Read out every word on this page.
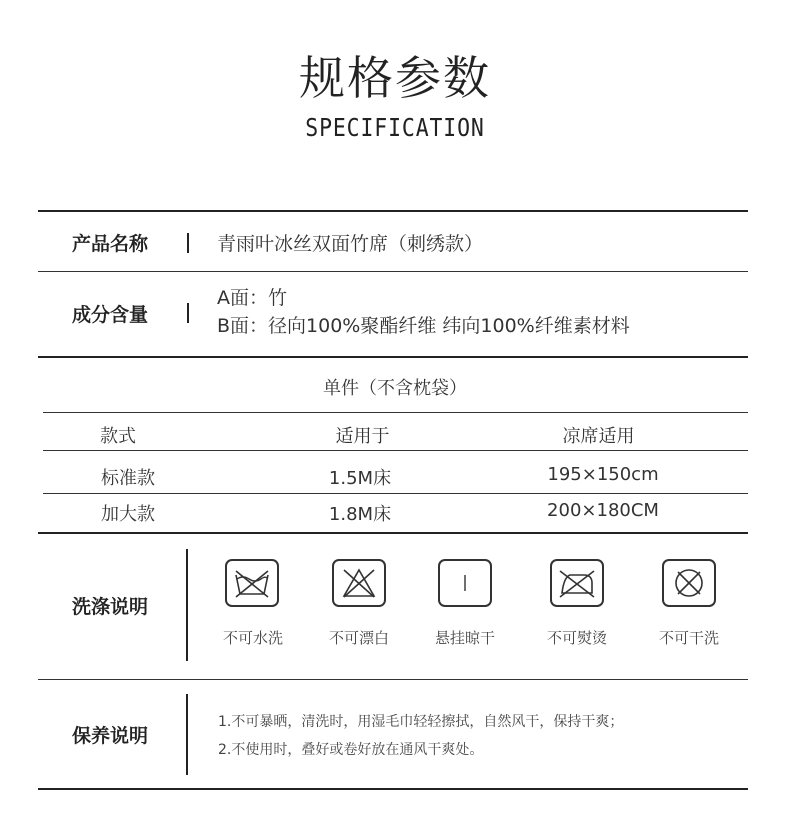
规格参数
SPECIFICATION
产品名称	青雨叶冰丝双面竹席（刺绣款）
成分含量
A面：竹
B面：径向100%聚酯纤维 纬向100%纤维素材料
单件（不含枕袋）
款式	适用于	凉席适用
标准款	1.5M床	195×150cm
加大款	1.8M床	200×180CM
洗涤说明
不可水洗	不可漂白	悬挂晾干	不可熨烫	不可干洗
保养说明
1.不可暴晒，清洗时，用湿毛巾轻轻擦拭，自然风干，保持干爽；
2.不使用时，叠好或卷好放在通风干爽处。
